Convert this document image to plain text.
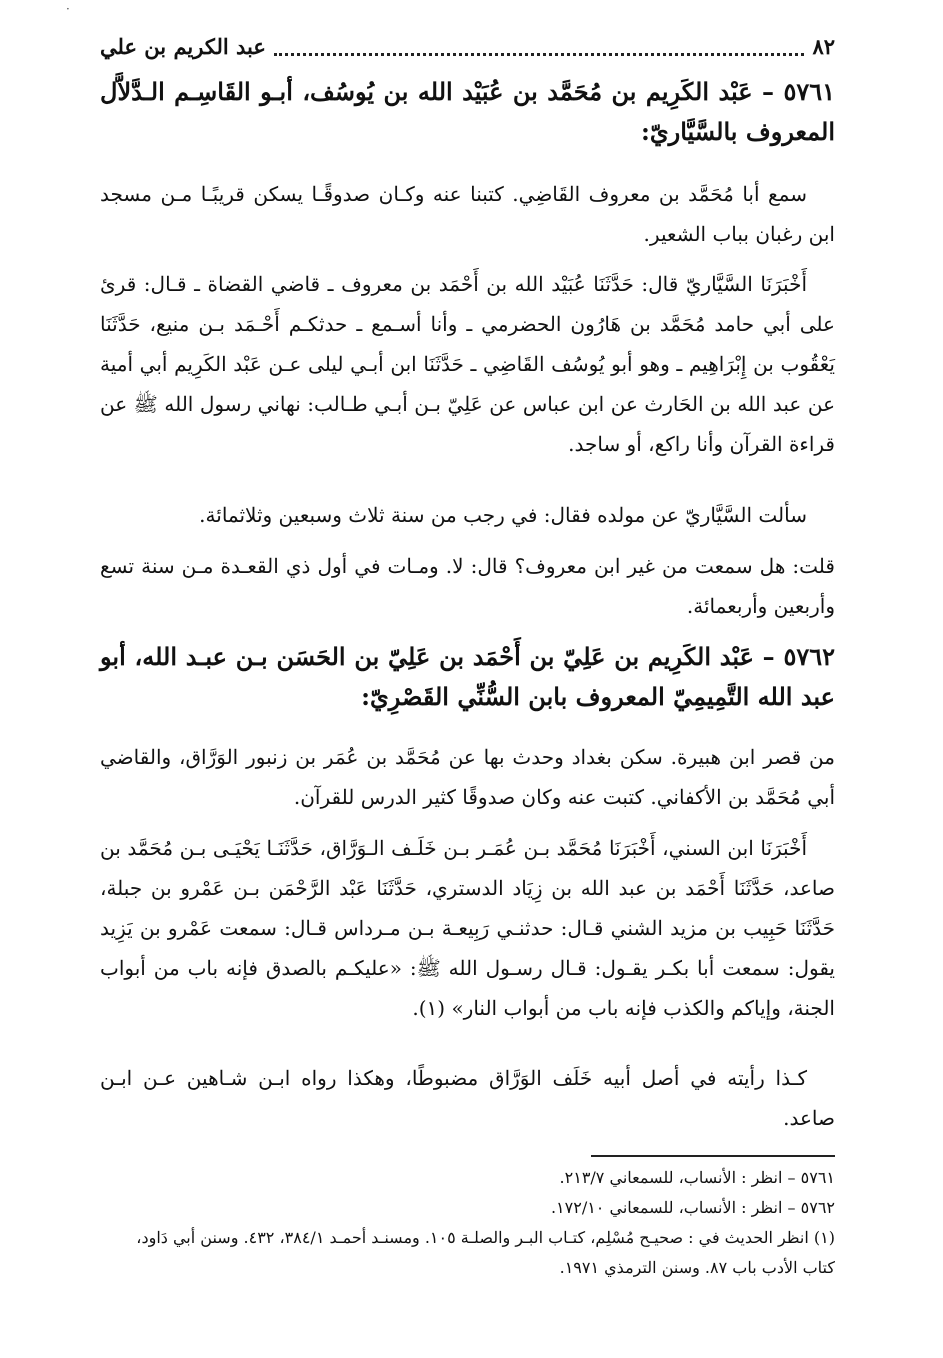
·
٨٢
عبد الكريم بن علي

٥٧٦١ – عَبْد الكَرِيم بن مُحَمَّد بن عُبَيْد الله بن يُوسُف، أبـو القَاسِـم الـدَّلاَّل المعروف بالسَّيَّاريّ:

سمع أبا مُحَمَّد بن معروف القَاضِي. كتبنا عنه وكـان صدوقًـا يسكن قريبًـا مـن مسجد ابن رغبان بباب الشعير.

أَخْبَرَنَا السَّيَّاريّ قال: حَدَّثَنَا عُبَيْد الله بن أَحْمَد بن معروف ـ قاضي القضاة ـ قـال: قرئ على أبي حامد مُحَمَّد بن هَارُون الحضرمي ـ وأنا أسـمع ـ حدثكـم أَحْـمَد بـن منيع، حَدَّثَنَا يَعْقُوب بن إِبْرَاهِيم ـ وهو أبو يُوسُف القَاضِي ـ حَدَّثَنَا ابن أبـي ليلى عـن عَبْد الكَرِيم أبي أمية عن عبد الله بن الحَارث عن ابن عباس عن عَلِيّ بـن أبـي طـالب: نهاني رسول الله ﷺ عن قراءة القرآن وأنا راكع، أو ساجد.

سألت السَّيَّاريّ عن مولده فقال: في رجب من سنة ثلاث وسبعين وثلاثمائة.

قلت: هل سمعت من غير ابن معروف؟ قال: لا. ومـات في أول ذي القعـدة مـن سنة تسع وأربعين وأربعمائة.

٥٧٦٢ – عَبْد الكَرِيم بن عَلِيّ بن أَحْمَد بن عَلِيّ بن الحَسَن بـن عبـد الله، أبو عبد الله التَّمِيمِيّ المعروف بابن السُّنِّي القَصْرِيّ:

من قصر ابن هبيرة. سكن بغداد وحدث بها عن مُحَمَّد بن عُمَر بن زنبور الوَرَّاق، والقاضي أبي مُحَمَّد بن الأكفاني. كتبت عنه وكان صدوقًا كثير الدرس للقرآن.

أَخْبَرَنَا ابن السني، أَخْبَرَنَا مُحَمَّد بـن عُمَـر بـن خَلَـف الـوَرَّاق، حَدَّثَنَـا يَحْيَـى بـن مُحَمَّد بن صاعد، حَدَّثَنَا أَحْمَد بن عبد الله بن زِيَاد الدستري، حَدَّثَنَا عَبْد الرَّحْمَن بـن عَمْرو بن جبلة، حَدَّثَنَا حَبِيب بن مزيد الشني قـال: حدثنـي رَبِيعـة بـن مـرداس قـال: سمعت عَمْرو بن يَزِيد يقول: سمعت أبا بكـر يقـول: قـال رسـول الله ﷺ: «عليكـم بالصدق فإنه باب من أبواب الجنة، وإياكم والكذب فإنه باب من أبواب النار» (١).

كـذا رأيته في أصل أبيه خَلَف الوَرَّاق مضبوطًا، وهكذا رواه ابـن شـاهين عـن ابـن صاعد.

٥٧٦١ – انظر : الأنساب، للسمعاني ٢١٣/٧.

٥٧٦٢ – انظر : الأنساب، للسمعاني ١٧٢/١٠.

(١) انظر الحديث في : صحيـح مُسْلِم، كتـاب البـر والصلـة ١٠٥. ومسنـد أحمـد ٣٨٤/١، ٤٣٢. وسنن أبي دَاود، كتاب الأدب باب ٨٧. وسنن الترمذي ١٩٧١.
